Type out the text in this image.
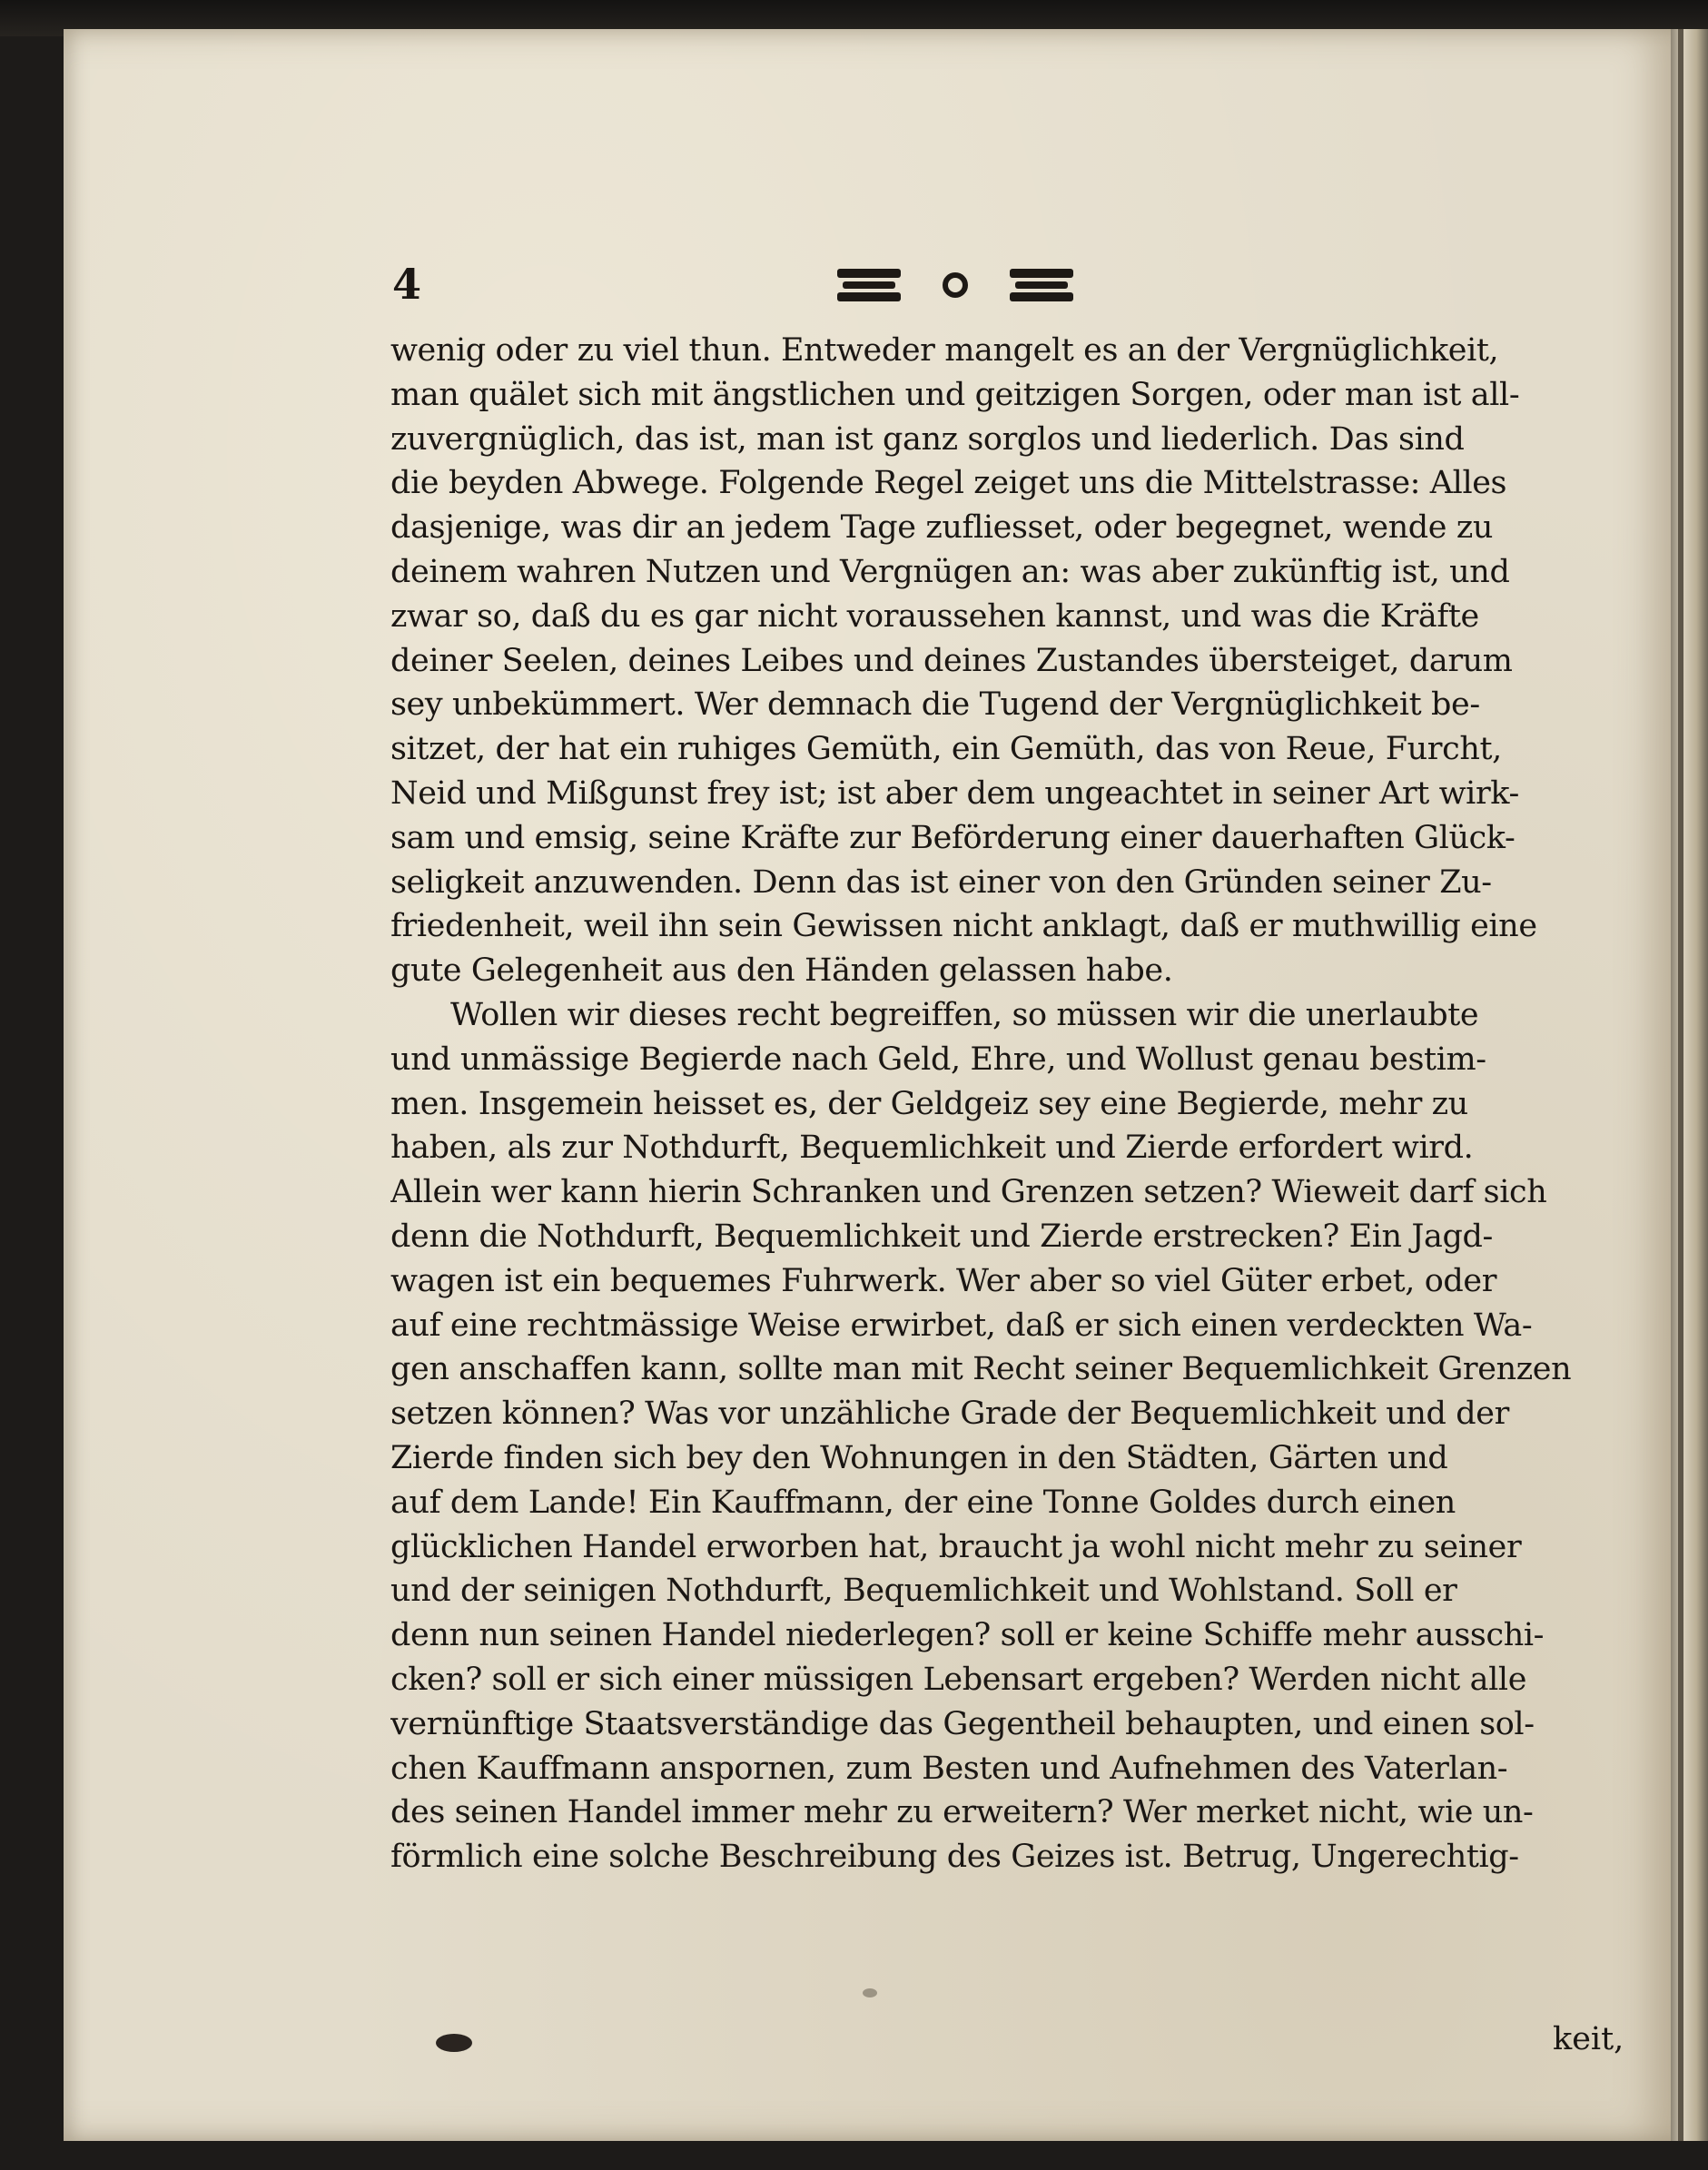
4
wenig oder zu viel thun. Entweder mangelt es an der Vergnüglichkeit,
man quälet sich mit ängstlichen und geitzigen Sorgen, oder man ist all-
zuvergnüglich, das ist, man ist ganz sorglos und liederlich. Das sind
die beyden Abwege. Folgende Regel zeiget uns die Mittelstrasse: Alles
dasjenige, was dir an jedem Tage zufliesset, oder begegnet, wende zu
deinem wahren Nutzen und Vergnügen an: was aber zukünftig ist, und
zwar so, daß du es gar nicht voraussehen kannst, und was die Kräfte
deiner Seelen, deines Leibes und deines Zustandes übersteiget, darum
sey unbekümmert. Wer demnach die Tugend der Vergnüglichkeit be-
sitzet, der hat ein ruhiges Gemüth, ein Gemüth, das von Reue, Furcht,
Neid und Mißgunst frey ist; ist aber dem ungeachtet in seiner Art wirk-
sam und emsig, seine Kräfte zur Beförderung einer dauerhaften Glück-
seligkeit anzuwenden. Denn das ist einer von den Gründen seiner Zu-
friedenheit, weil ihn sein Gewissen nicht anklagt, daß er muthwillig eine
gute Gelegenheit aus den Händen gelassen habe.
Wollen wir dieses recht begreiffen, so müssen wir die unerlaubte
und unmässige Begierde nach Geld, Ehre, und Wollust genau bestim-
men. Insgemein heisset es, der Geldgeiz sey eine Begierde, mehr zu
haben, als zur Nothdurft, Bequemlichkeit und Zierde erfordert wird.
Allein wer kann hierin Schranken und Grenzen setzen? Wieweit darf sich
denn die Nothdurft, Bequemlichkeit und Zierde erstrecken? Ein Jagd-
wagen ist ein bequemes Fuhrwerk. Wer aber so viel Güter erbet, oder
auf eine rechtmässige Weise erwirbet, daß er sich einen verdeckten Wa-
gen anschaffen kann, sollte man mit Recht seiner Bequemlichkeit Grenzen
setzen können? Was vor unzähliche Grade der Bequemlichkeit und der
Zierde finden sich bey den Wohnungen in den Städten, Gärten und
auf dem Lande! Ein Kauffmann, der eine Tonne Goldes durch einen
glücklichen Handel erworben hat, braucht ja wohl nicht mehr zu seiner
und der seinigen Nothdurft, Bequemlichkeit und Wohlstand. Soll er
denn nun seinen Handel niederlegen? soll er keine Schiffe mehr ausschi-
cken? soll er sich einer müssigen Lebensart ergeben? Werden nicht alle
vernünftige Staatsverständige das Gegentheil behaupten, und einen sol-
chen Kauffmann anspornen, zum Besten und Aufnehmen des Vaterlan-
des seinen Handel immer mehr zu erweitern? Wer merket nicht, wie un-
förmlich eine solche Beschreibung des Geizes ist. Betrug, Ungerechtig-
keit,
